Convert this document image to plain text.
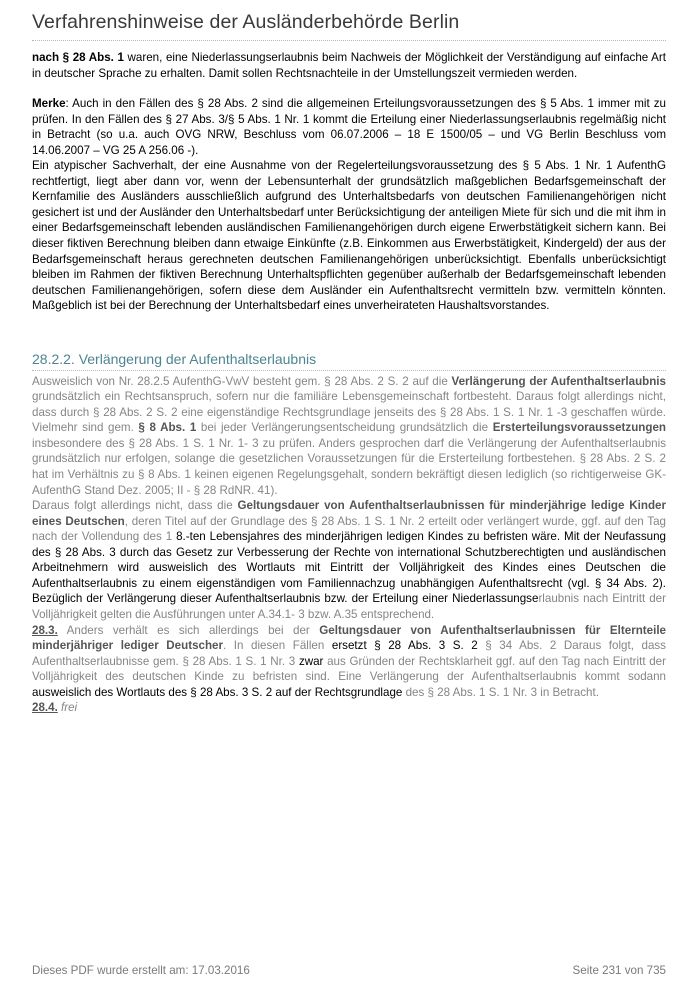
Verfahrenshinweise der Ausländerbehörde Berlin
nach § 28 Abs. 1 waren, eine Niederlassungserlaubnis beim Nachweis der Möglichkeit der Verständigung auf einfache Art in deutscher Sprache zu erhalten. Damit sollen Rechtsnachteile in der Umstellungszeit vermieden werden.
Merke: Auch in den Fällen des § 28 Abs. 2 sind die allgemeinen Erteilungsvoraussetzungen des § 5 Abs. 1 immer mit zu prüfen. In den Fällen des § 27 Abs. 3/§ 5 Abs. 1 Nr. 1 kommt die Erteilung einer Niederlassungserlaubnis regelmäßig nicht in Betracht (so u.a. auch OVG NRW, Beschluss vom 06.07.2006 – 18 E 1500/05 – und VG Berlin Beschluss vom 14.06.2007 – VG 25 A 256.06 -).
Ein atypischer Sachverhalt, der eine Ausnahme von der Regelerteilungsvoraussetzung des § 5 Abs. 1 Nr. 1 AufenthG rechtfertigt, liegt aber dann vor, wenn der Lebensunterhalt der grundsätzlich maßgeblichen Bedarfsgemeinschaft der Kernfamilie des Ausländers ausschließlich aufgrund des Unterhaltsbedarfs von deutschen Familienangehörigen nicht gesichert ist und der Ausländer den Unterhaltsbedarf unter Berücksichtigung der anteiligen Miete für sich und die mit ihm in einer Bedarfsgemeinschaft lebenden ausländischen Familienangehörigen durch eigene Erwerbstätigkeit sichern kann. Bei dieser fiktiven Berechnung bleiben dann etwaige Einkünfte (z.B. Einkommen aus Erwerbstätigkeit, Kindergeld) der aus der Bedarfsgemeinschaft heraus gerechneten deutschen Familienangehörigen unberücksichtigt. Ebenfalls unberücksichtigt bleiben im Rahmen der fiktiven Berechnung Unterhaltspflichten gegenüber außerhalb der Bedarfsgemeinschaft lebenden deutschen Familienangehörigen, sofern diese dem Ausländer ein Aufenthaltsrecht vermitteln bzw. vermitteln könnten. Maßgeblich ist bei der Berechnung der Unterhaltsbedarf eines unverheirateten Haushaltsvorstandes.
28.2.2. Verlängerung der Aufenthaltserlaubnis
Ausweislich von Nr. 28.2.5 AufenthG-VwV besteht gem. § 28 Abs. 2 S. 2 auf die Verlängerung der Aufenthaltserlaubnis grundsätzlich ein Rechtsanspruch, sofern nur die familiäre Lebensgemeinschaft fortbesteht. Daraus folgt allerdings nicht, dass durch § 28 Abs. 2 S. 2 eine eigenständige Rechtsgrundlage jenseits des § 28 Abs. 1 S. 1 Nr. 1 -3 geschaffen würde. Vielmehr sind gem. § 8 Abs. 1 bei jeder Verlängerungsentscheidung grundsätzlich die Ersterteilungsvoraussetzungen insbesondere des § 28 Abs. 1 S. 1 Nr. 1- 3 zu prüfen. Anders gesprochen darf die Verlängerung der Aufenthaltserlaubnis grundsätzlich nur erfolgen, solange die gesetzlichen Voraussetzungen für die Ersterteilung fortbestehen. § 28 Abs. 2 S. 2 hat im Verhältnis zu § 8 Abs. 1 keinen eigenen Regelungsgehalt, sondern bekräftigt diesen lediglich (so richtigerweise GK-AufenthG Stand Dez. 2005; II - § 28 RdNR. 41).
Daraus folgt allerdings nicht, dass die Geltungsdauer von Aufenthaltserlaubnissen für minderjährige ledige Kinder eines Deutschen, deren Titel auf der Grundlage des § 28 Abs. 1 S. 1 Nr. 2 erteilt oder verlängert wurde, ggf. auf den Tag nach der Vollendung des 1 8.-ten Lebensjahres des minderjährigen ledigen Kindes zu befristen wäre. Mit der Neufassung des § 28 Abs. 3 durch das Gesetz zur Verbesserung der Rechte von international Schutzberechtigten und ausländischen Arbeitnehmern wird ausweislich des Wortlauts mit Eintritt der Volljährigkeit des Kindes eines Deutschen die Aufenthaltserlaubnis zu einem eigenständigen vom Familiennachzug unabhängigen Aufenthaltsrecht (vgl. § 34 Abs. 2). Bezüglich der Verlängerung dieser Aufenthaltserlaubnis bzw. der Erteilung einer Niederlassungserlaubnis nach Eintritt der Volljährigkeit gelten die Ausführungen unter A.34.1- 3 bzw. A.35 entsprechend.
28.3. Anders verhält es sich allerdings bei der Geltungsdauer von Aufenthaltserlaubnissen für Elternteile minderjähriger lediger Deutscher. In diesen Fällen ersetzt § 28 Abs. 3 S. 2 § 34 Abs. 2 Daraus folgt, dass Aufenthaltserlaubnisse gem. § 28 Abs. 1 S. 1 Nr. 3 zwar aus Gründen der Rechtsklarheit ggf. auf den Tag nach Eintritt der Volljährigkeit des deutschen Kinde zu befristen sind. Eine Verlängerung der Aufenthaltserlaubnis kommt sodann ausweislich des Wortlauts des § 28 Abs. 3 S. 2 auf der Rechtsgrundlage des § 28 Abs. 1 S. 1 Nr. 3 in Betracht.
28.4. frei
Dieses PDF wurde erstellt am: 17.03.2016	Seite 231 von 735
